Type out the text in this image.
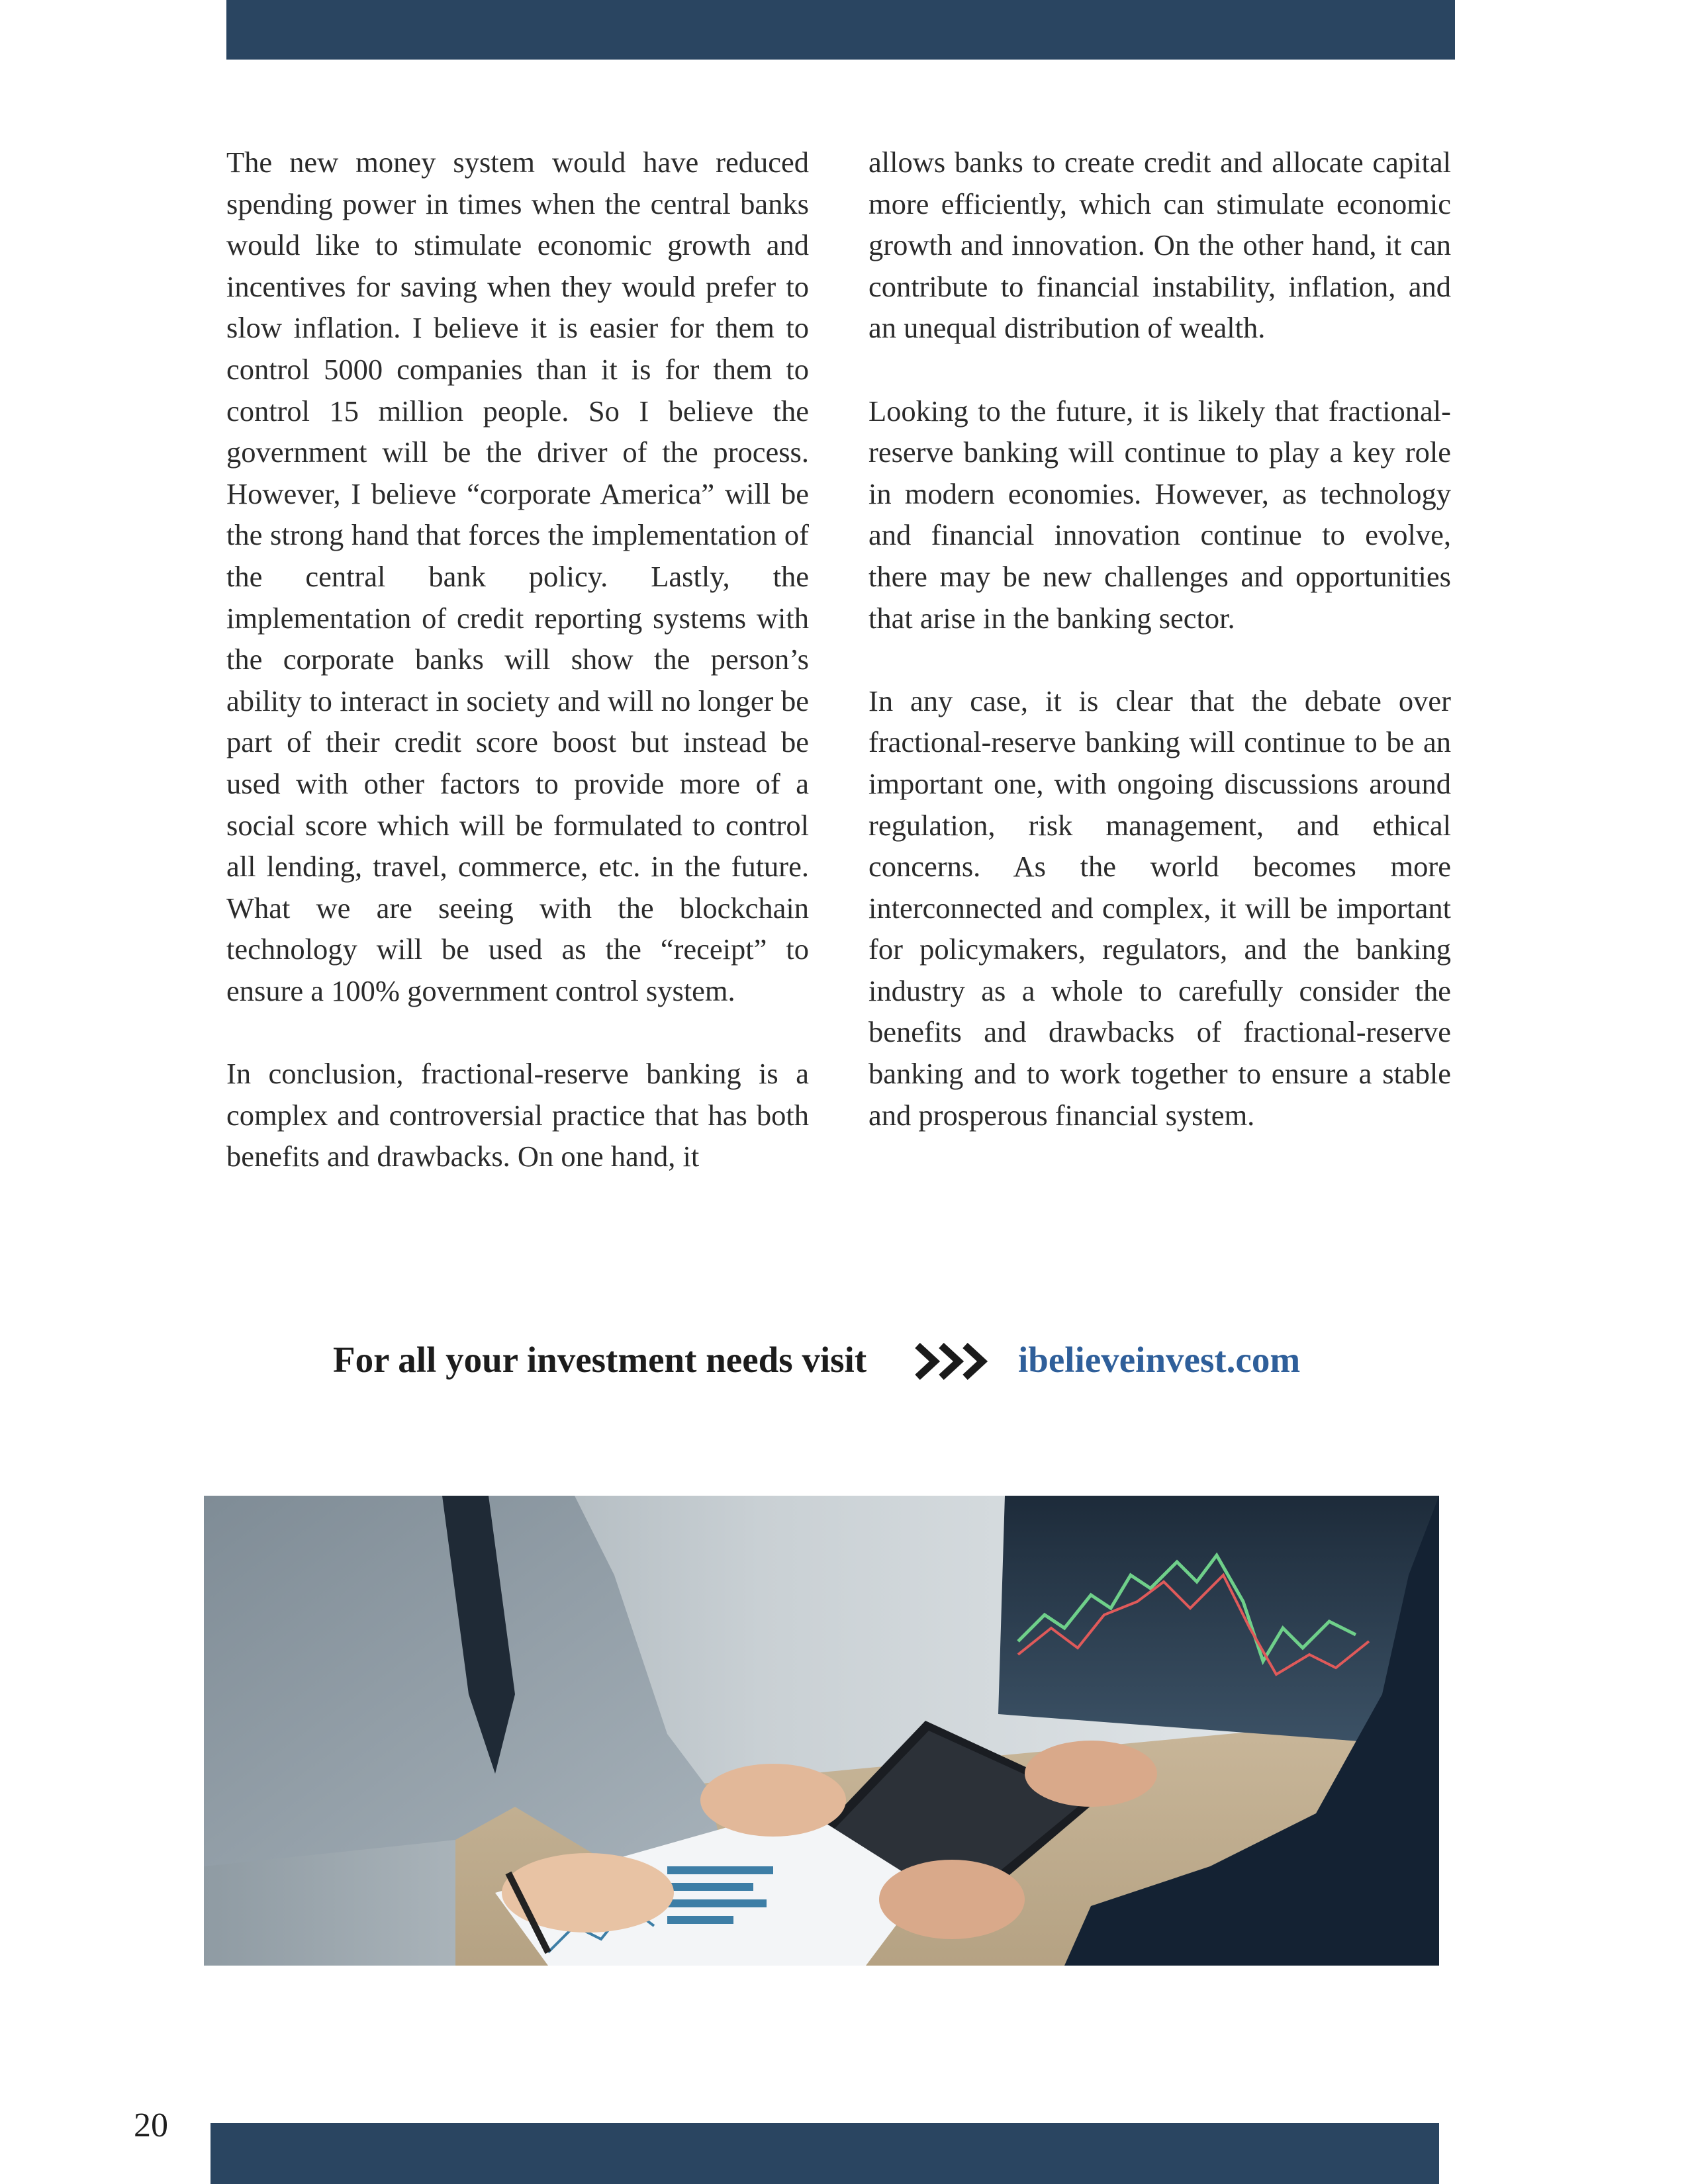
The new money system would have reduced spending power in times when the central banks would like to stimulate economic growth and incentives for saving when they would prefer to slow inflation. I believe it is easier for them to control 5000 companies than it is for them to control 15 million people. So I believe the government will be the driver of the process. However, I believe “corporate America” will be the strong hand that forces the implementation of the central bank policy. Lastly, the implementation of credit reporting systems with the corporate banks will show the person’s ability to interact in society and will no longer be part of their credit score boost but instead be used with other factors to provide more of a social score which will be formulated to control all lending, travel, commerce, etc. in the future. What we are seeing with the blockchain technology will be used as the “receipt” to ensure a 100% government control system.

In conclusion, fractional-reserve banking is a complex and controversial practice that has both benefits and drawbacks. On one hand, it

allows banks to create credit and allocate capital more efficiently, which can stimulate economic growth and innovation. On the other hand, it can contribute to financial instability, inflation, and an unequal distribution of wealth.

Looking to the future, it is likely that fractional-reserve banking will continue to play a key role in modern economies. However, as technology and financial innovation continue to evolve, there may be new challenges and opportunities that arise in the banking sector.

In any case, it is clear that the debate over fractional-reserve banking will continue to be an important one, with ongoing discussions around regulation, risk management, and ethical concerns. As the world becomes more interconnected and complex, it will be important for policymakers, regulators, and the banking industry as a whole to carefully consider the benefits and drawbacks of fractional-reserve banking and to work together to ensure a stable and prosperous financial system.

For all your investment needs visit	ibelieveinvest.com
20
